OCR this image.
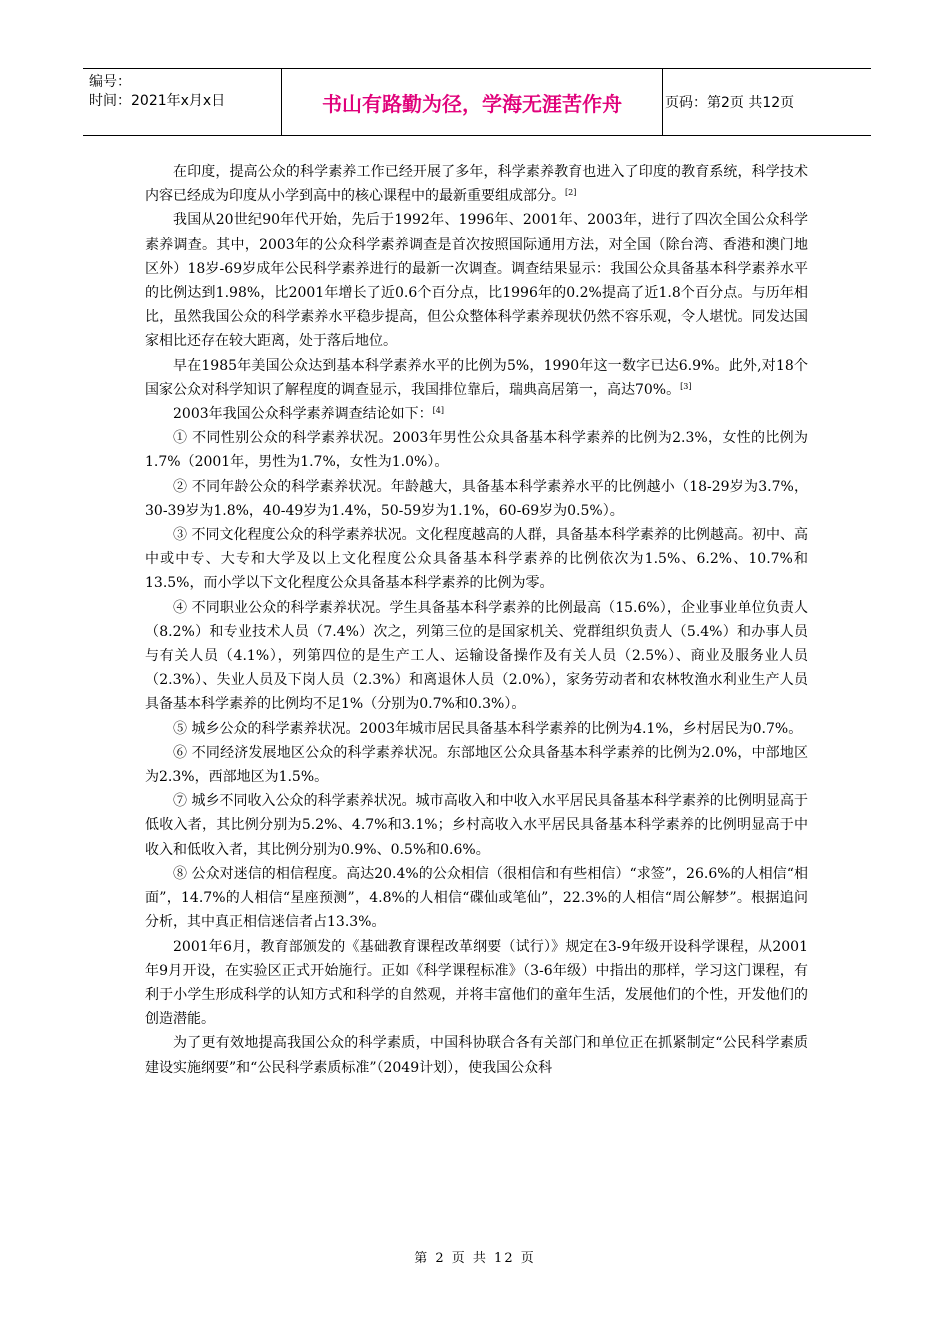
编号：
时间：2021年x月x日	书山有路勤为径，学海无涯苦作舟	页码：第2页 共12页

在印度，提高公众的科学素养工作已经开展了多年，科学素养教育也进入了印度的教育系统，科学技术内容已经成为印度从小学到高中的核心课程中的最新重要组成部分。[2]

我国从20世纪90年代开始，先后于1992年、1996年、2001年、2003年，进行了四次全国公众科学素养调查。其中，2003年的公众科学素养调查是首次按照国际通用方法，对全国（除台湾、香港和澳门地区外）18岁-69岁成年公民科学素养进行的最新一次调查。调查结果显示：我国公众具备基本科学素养水平的比例达到1.98%，比2001年增长了近0.6个百分点，比1996年的0.2%提高了近1.8个百分点。与历年相比，虽然我国公众的科学素养水平稳步提高，但公众整体科学素养现状仍然不容乐观，令人堪忧。同发达国家相比还存在较大距离，处于落后地位。

早在1985年美国公众达到基本科学素养水平的比例为5%，1990年这一数字已达6.9%。此外,对18个国家公众对科学知识了解程度的调查显示，我国排位靠后，瑞典高居第一，高达70%。[3]

2003年我国公众科学素养调查结论如下：[4]

① 不同性别公众的科学素养状况。2003年男性公众具备基本科学素养的比例为2.3%，女性的比例为1.7%（2001年，男性为1.7%，女性为1.0%）。

② 不同年龄公众的科学素养状况。年龄越大，具备基本科学素养水平的比例越小（18-29岁为3.7%，30-39岁为1.8%，40-49岁为1.4%，50-59岁为1.1%，60-69岁为0.5%）。

③ 不同文化程度公众的科学素养状况。文化程度越高的人群，具备基本科学素养的比例越高。初中、高中或中专、大专和大学及以上文化程度公众具备基本科学素养的比例依次为1.5%、6.2%、10.7%和13.5%，而小学以下文化程度公众具备基本科学素养的比例为零。

④ 不同职业公众的科学素养状况。学生具备基本科学素养的比例最高（15.6%），企业事业单位负责人（8.2%）和专业技术人员（7.4%）次之，列第三位的是国家机关、党群组织负责人（5.4%）和办事人员与有关人员（4.1%），列第四位的是生产工人、运输设备操作及有关人员（2.5%）、商业及服务业人员（2.3%）、失业人员及下岗人员（2.3%）和离退休人员（2.0%），家务劳动者和农林牧渔水利业生产人员具备基本科学素养的比例均不足1%（分别为0.7%和0.3%）。

⑤ 城乡公众的科学素养状况。2003年城市居民具备基本科学素养的比例为4.1%，乡村居民为0.7%。

⑥ 不同经济发展地区公众的科学素养状况。东部地区公众具备基本科学素养的比例为2.0%，中部地区为2.3%，西部地区为1.5%。

⑦ 城乡不同收入公众的科学素养状况。城市高收入和中收入水平居民具备基本科学素养的比例明显高于低收入者，其比例分别为5.2%、4.7%和3.1%；乡村高收入水平居民具备基本科学素养的比例明显高于中收入和低收入者，其比例分别为0.9%、0.5%和0.6%。

⑧ 公众对迷信的相信程度。高达20.4%的公众相信（很相信和有些相信）“求签”，26.6%的人相信“相面”，14.7%的人相信“星座预测”，4.8%的人相信“碟仙或笔仙”，22.3%的人相信“周公解梦”。根据追问分析，其中真正相信迷信者占13.3%。

2001年6月，教育部颁发的《基础教育课程改革纲要（试行）》规定在3-9年级开设科学课程，从2001年9月开设，在实验区正式开始施行。正如《科学课程标准》（3-6年级）中指出的那样，学习这门课程，有利于小学生形成科学的认知方式和科学的自然观，并将丰富他们的童年生活，发展他们的个性，开发他们的创造潜能。

为了更有效地提高我国公众的科学素质，中国科协联合各有关部门和单位正在抓紧制定“公民科学素质建设实施纲要”和“公民科学素质标准”（2049计划），使我国公众科

第 2 页 共 12 页
